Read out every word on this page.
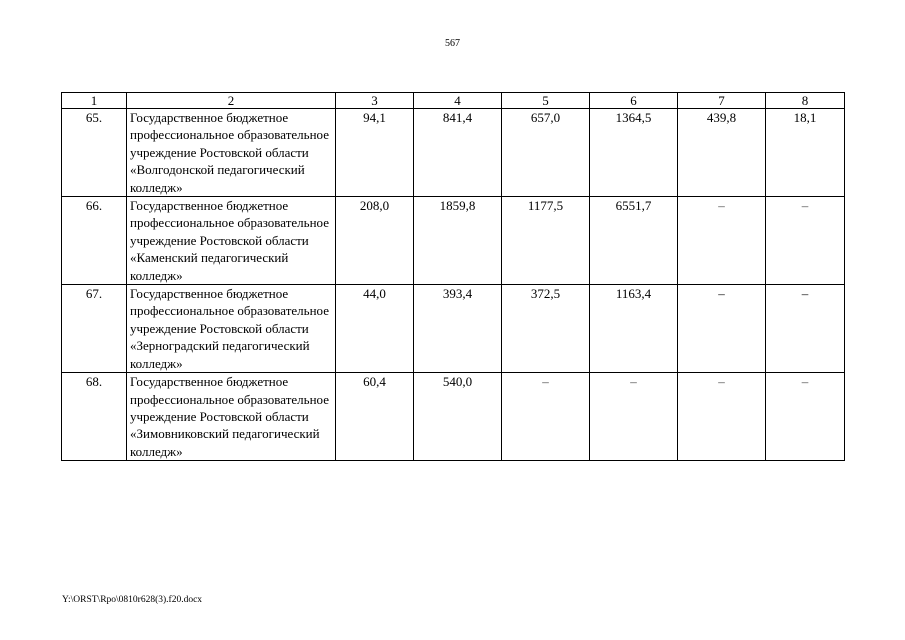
567
1	2	3	4	5	6	7	8
65.	Государственное бюджетное профессиональное образовательное учреждение Ростовской области «Волгодонской педагогический колледж»	94,1	841,4	657,0	1364,5	439,8	18,1
66.	Государственное бюджетное профессиональное образовательное учреждение Ростовской области «Каменский педагогический колледж»	208,0	1859,8	1177,5	6551,7	–	–
67.	Государственное бюджетное профессиональное образовательное учреждение Ростовской области «Зерноградский педагогический колледж»	44,0	393,4	372,5	1163,4	–	–
68.	Государственное бюджетное профессиональное образовательное учреждение Ростовской области «Зимовниковский педагогический колледж»	60,4	540,0	–	–	–	–
Y:\ORST\Rpo\0810r628(3).f20.docx
